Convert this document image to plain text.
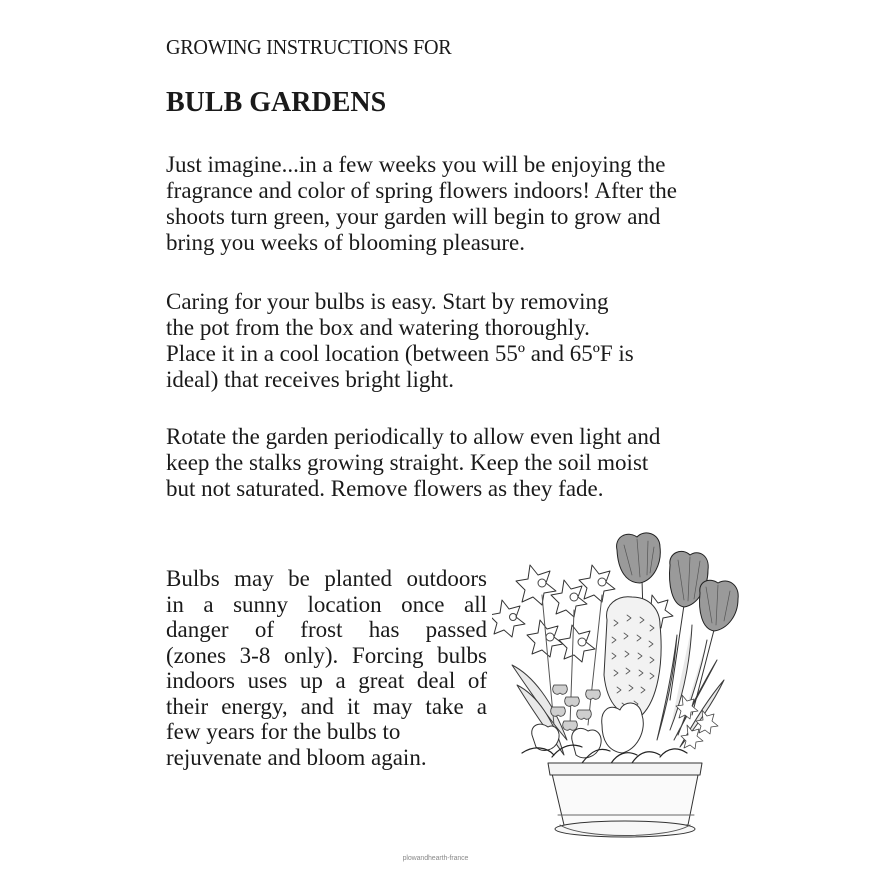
GROWING INSTRUCTIONS FOR
BULB GARDENS

Just imagine...in a few weeks you will be enjoying the
fragrance and color of spring flowers indoors! After the
shoots turn green, your garden will begin to grow and
bring you weeks of blooming pleasure.

Caring for your bulbs is easy. Start by removing
the pot from the box and watering thoroughly.
Place it in a cool location (between 55º and 65ºF is
ideal) that receives bright light.

Rotate the garden periodically to allow even light and
keep the stalks growing straight. Keep the soil moist
but not saturated. Remove flowers as they fade.

Bulbs may be planted outdoors
in a sunny location once all
danger of frost has passed
(zones 3-8 only). Forcing bulbs
indoors uses up a great deal of
their energy, and it may take a
few years for the bulbs to
rejuvenate and bloom again.

plowandhearth-france
